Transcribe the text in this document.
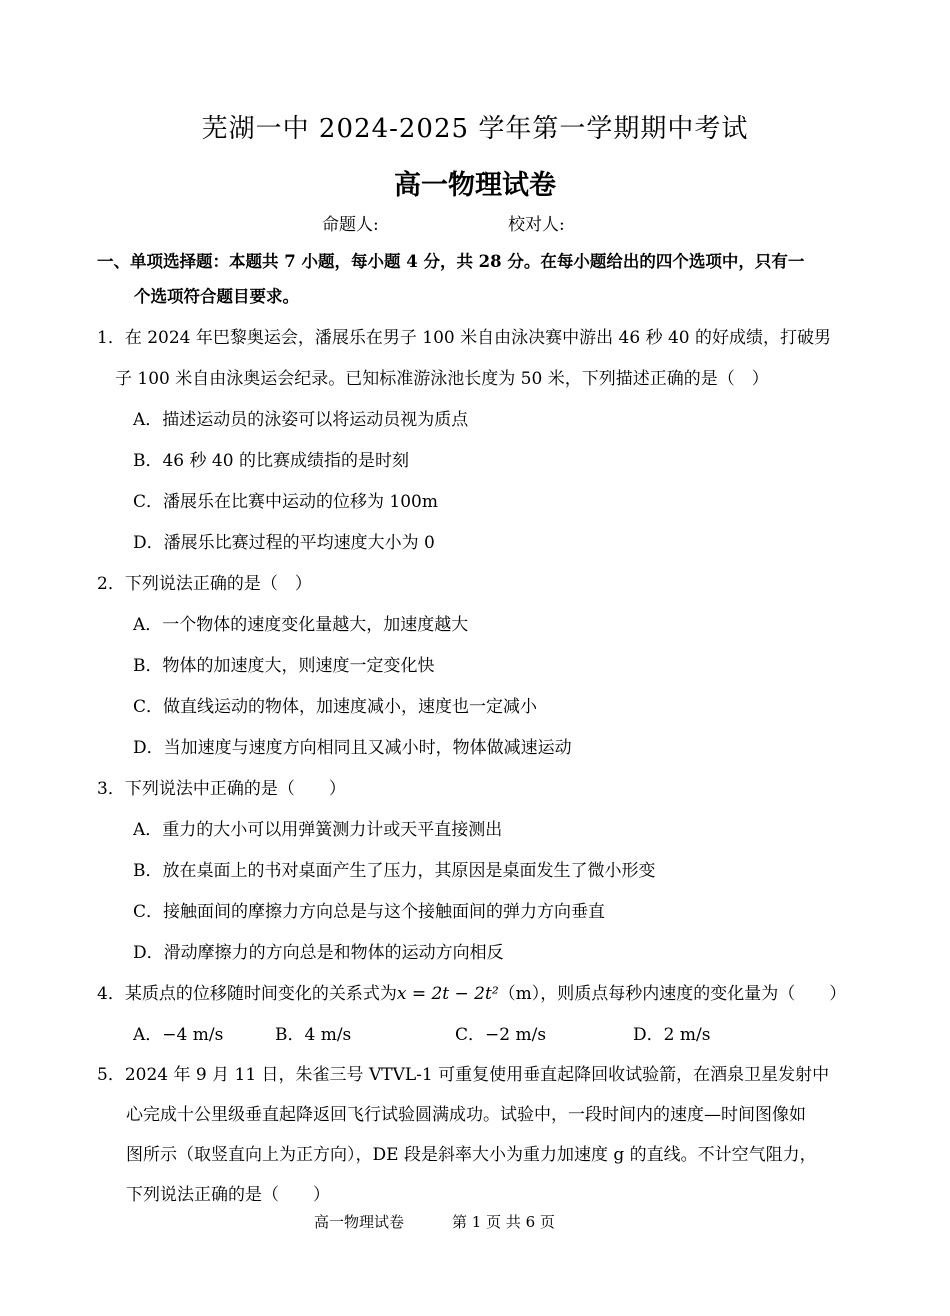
芜湖一中 2024-2025 学年第一学期期中考试
高一物理试卷
命题人:	校对人:
一、单项选择题：本题共 7 小题，每小题 4 分，共 28 分。在每小题给出的四个选项中，只有一
个选项符合题目要求。
1．在 2024 年巴黎奥运会，潘展乐在男子 100 米自由泳决赛中游出 46 秒 40 的好成绩，打破男
子 100 米自由泳奥运会纪录。已知标准游泳池长度为 50 米，下列描述正确的是（　）
A．描述运动员的泳姿可以将运动员视为质点
B．46 秒 40 的比赛成绩指的是时刻
C．潘展乐在比赛中运动的位移为 100m
D．潘展乐比赛过程的平均速度大小为 0
2．下列说法正确的是（　）
A．一个物体的速度变化量越大，加速度越大
B．物体的加速度大，则速度一定变化快
C．做直线运动的物体，加速度减小，速度也一定减小
D．当加速度与速度方向相同且又减小时，物体做减速运动
3．下列说法中正确的是（　　）
A．重力的大小可以用弹簧测力计或天平直接测出
B．放在桌面上的书对桌面产生了压力，其原因是桌面发生了微小形变
C．接触面间的摩擦力方向总是与这个接触面间的弹力方向垂直
D．滑动摩擦力的方向总是和物体的运动方向相反
4．某质点的位移随时间变化的关系式为x = 2t − 2t²（m），则质点每秒内速度的变化量为（　　）
A．−4 m/s	B．4 m/s	C．−2 m/s	D．2 m/s
5．2024 年 9 月 11 日，朱雀三号 VTVL-1 可重复使用垂直起降回收试验箭，在酒泉卫星发射中
心完成十公里级垂直起降返回飞行试验圆满成功。试验中，一段时间内的速度—时间图像如
图所示（取竖直向上为正方向），DE 段是斜率大小为重力加速度 g 的直线。不计空气阻力，
下列说法正确的是（　　）
高一物理试卷	第 1 页 共 6 页
